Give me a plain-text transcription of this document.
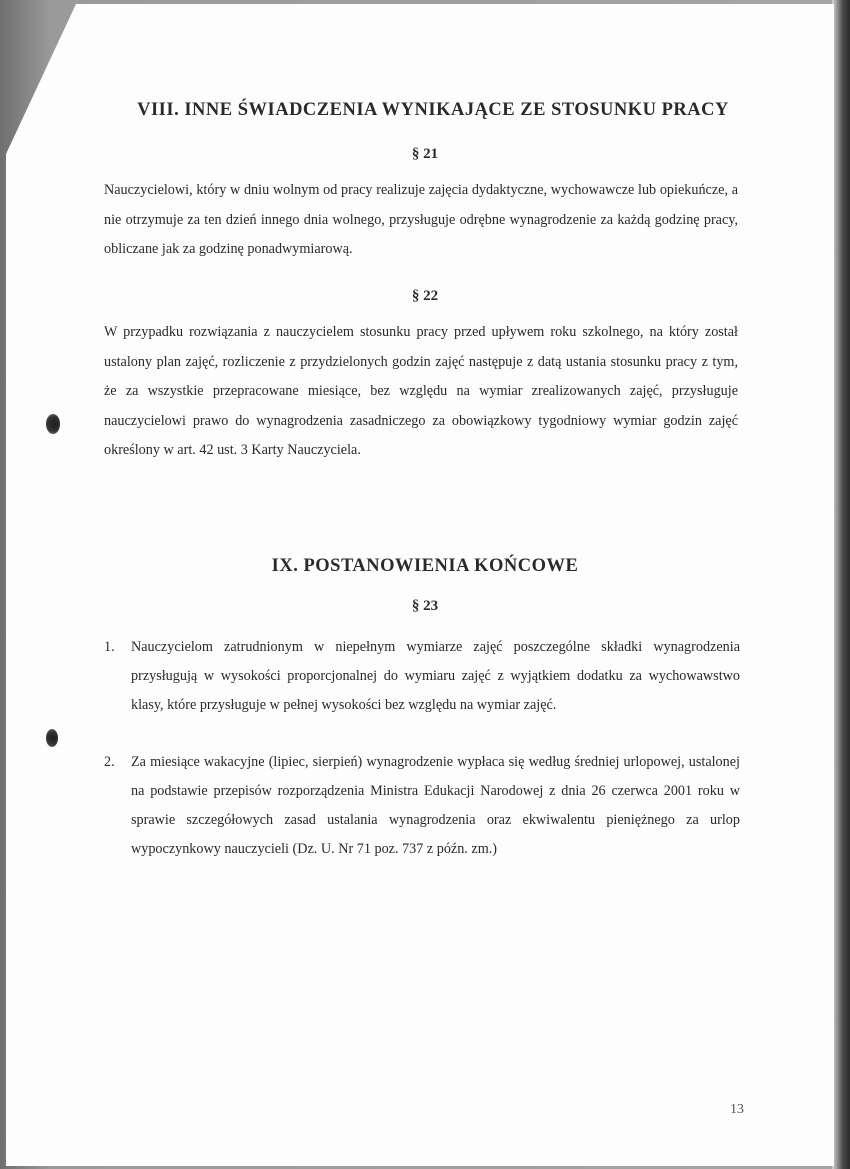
VIII. INNE ŚWIADCZENIA WYNIKAJĄCE ZE STOSUNKU PRACY
§ 21
Nauczycielowi, który w dniu wolnym od pracy realizuje zajęcia dydaktyczne, wychowawcze lub opiekuńcze, a nie otrzymuje za ten dzień innego dnia wolnego, przysługuje odrębne wynagrodzenie za każdą godzinę pracy, obliczane jak za godzinę ponadwymiarową.
§ 22
W przypadku rozwiązania z nauczycielem stosunku pracy przed upływem roku szkolnego, na który został ustalony plan zajęć, rozliczenie z przydzielonych godzin zajęć następuje z datą ustania stosunku pracy z tym, że za wszystkie przepracowane miesiące, bez względu na wymiar zrealizowanych zajęć, przysługuje nauczycielowi prawo do wynagrodzenia zasadniczego za obowiązkowy tygodniowy wymiar godzin zajęć określony w art. 42 ust. 3 Karty Nauczyciela.
IX. POSTANOWIENIA KOŃCOWE
§ 23
1. Nauczycielom zatrudnionym w niepełnym wymiarze zajęć poszczególne składki wynagrodzenia przysługują w wysokości proporcjonalnej do wymiaru zajęć z wyjątkiem dodatku za wychowawstwo klasy, które przysługuje w pełnej wysokości bez względu na wymiar zajęć.
2. Za miesiące wakacyjne (lipiec, sierpień) wynagrodzenie wypłaca się według średniej urlopowej, ustalonej na podstawie przepisów rozporządzenia Ministra Edukacji Narodowej z dnia 26 czerwca 2001 roku w sprawie szczegółowych zasad ustalania wynagrodzenia oraz ekwiwalentu pieniężnego za urlop wypoczynkowy nauczycieli (Dz. U. Nr 71 poz. 737 z późn. zm.)
13
